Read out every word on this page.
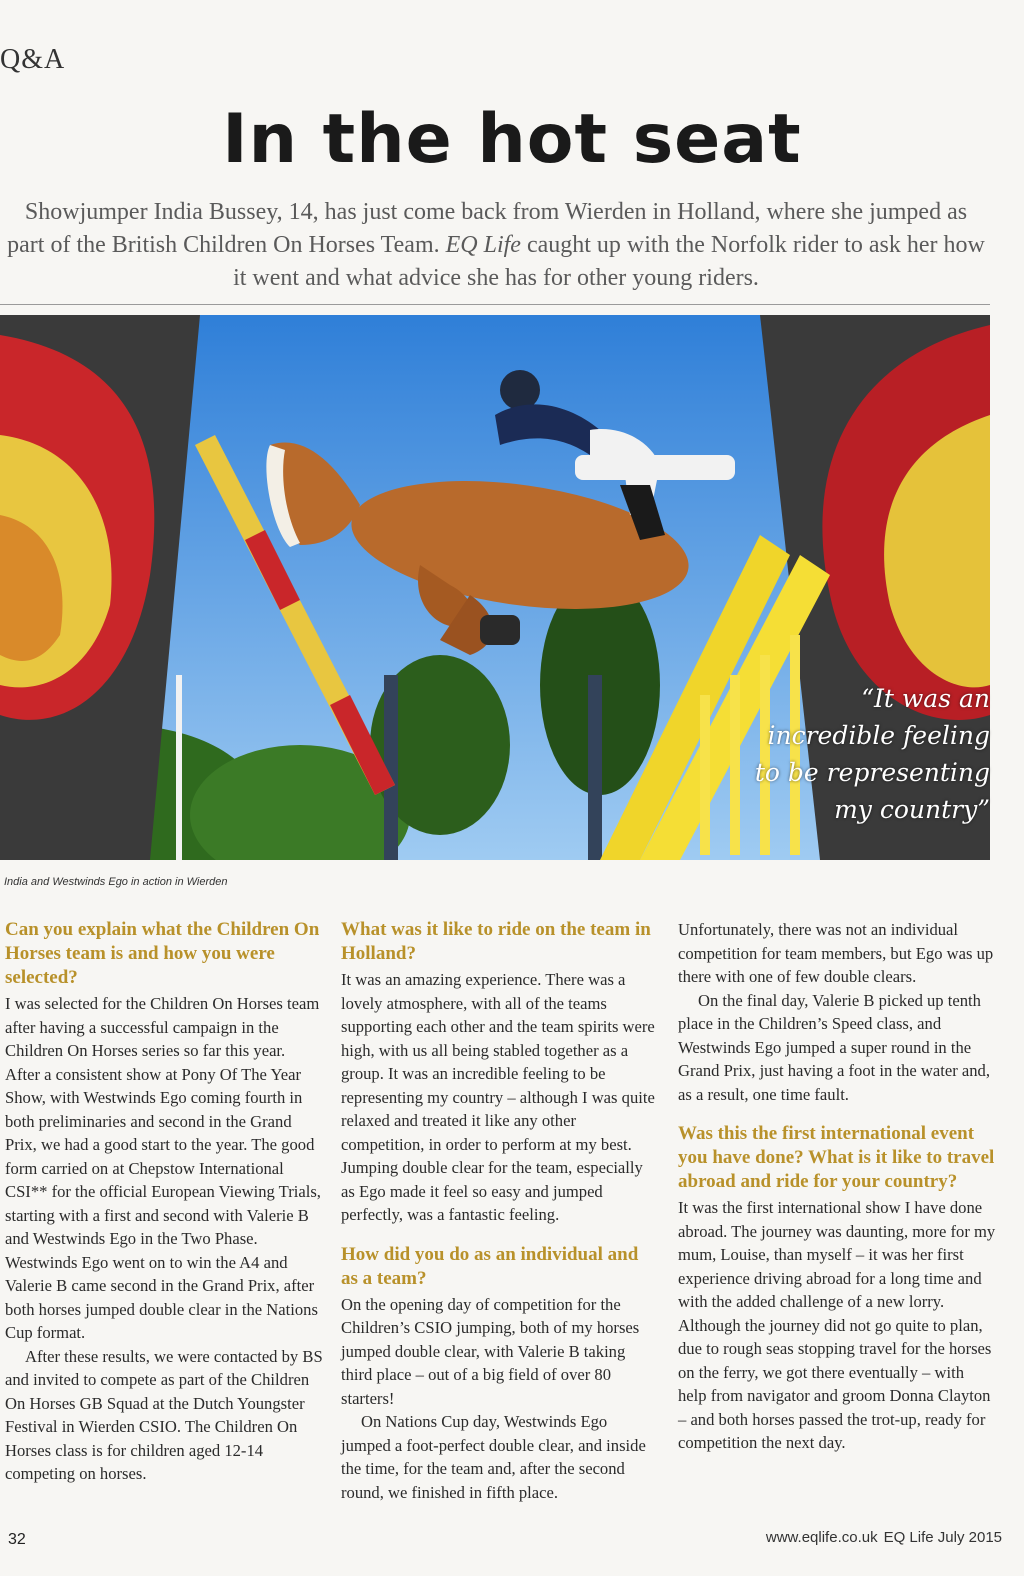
Q&A
In the hot seat
Showjumper India Bussey, 14, has just come back from Wierden in Holland, where she jumped as part of the British Children On Horses Team. EQ Life caught up with the Norfolk rider to ask her how it went and what advice she has for other young riders.
“It was an incredible feeling to be representing my country”
India and Westwinds Ego in action in Wierden

Can you explain what the Children On Horses team is and how you were selected?

I was selected for the Children On Horses team after having a successful campaign in the Children On Horses series so far this year. After a consistent show at Pony Of The Year Show, with Westwinds Ego coming fourth in both preliminaries and second in the Grand Prix, we had a good start to the year. The good form carried on at Chepstow International CSI** for the official European Viewing Trials, starting with a first and second with Valerie B and Westwinds Ego in the Two Phase. Westwinds Ego went on to win the A4 and Valerie B came second in the Grand Prix, after both horses jumped double clear in the Nations Cup format.

After these results, we were contacted by BS and invited to compete as part of the Children On Horses GB Squad at the Dutch Youngster Festival in Wierden CSIO. The Children On Horses class is for children aged 12-14 competing on horses.

What was it like to ride on the team in Holland?

It was an amazing experience. There was a lovely atmosphere, with all of the teams supporting each other and the team spirits were high, with us all being stabled together as a group. It was an incredible feeling to be representing my country – although I was quite relaxed and treated it like any other competition, in order to perform at my best. Jumping double clear for the team, especially as Ego made it feel so easy and jumped perfectly, was a fantastic feeling.

How did you do as an individual and as a team?

On the opening day of competition for the Children’s CSIO jumping, both of my horses jumped double clear, with Valerie B taking third place – out of a big field of over 80 starters!

On Nations Cup day, Westwinds Ego jumped a foot-perfect double clear, and inside the time, for the team and, after the second round, we finished in fifth place.

Unfortunately, there was not an individual competition for team members, but Ego was up there with one of few double clears.

On the final day, Valerie B picked up tenth place in the Children’s Speed class, and Westwinds Ego jumped a super round in the Grand Prix, just having a foot in the water and, as a result, one time fault.

Was this the first international event you have done? What is it like to travel abroad and ride for your country?

It was the first international show I have done abroad. The journey was daunting, more for my mum, Louise, than myself – it was her first experience driving abroad for a long time and with the added challenge of a new lorry. Although the journey did not go quite to plan, due to rough seas stopping travel for the horses on the ferry, we got there eventually – with help from navigator and groom Donna Clayton – and both horses passed the trot-up, ready for competition the next day.

32	www.eqlife.co.uk EQ Life July 2015
